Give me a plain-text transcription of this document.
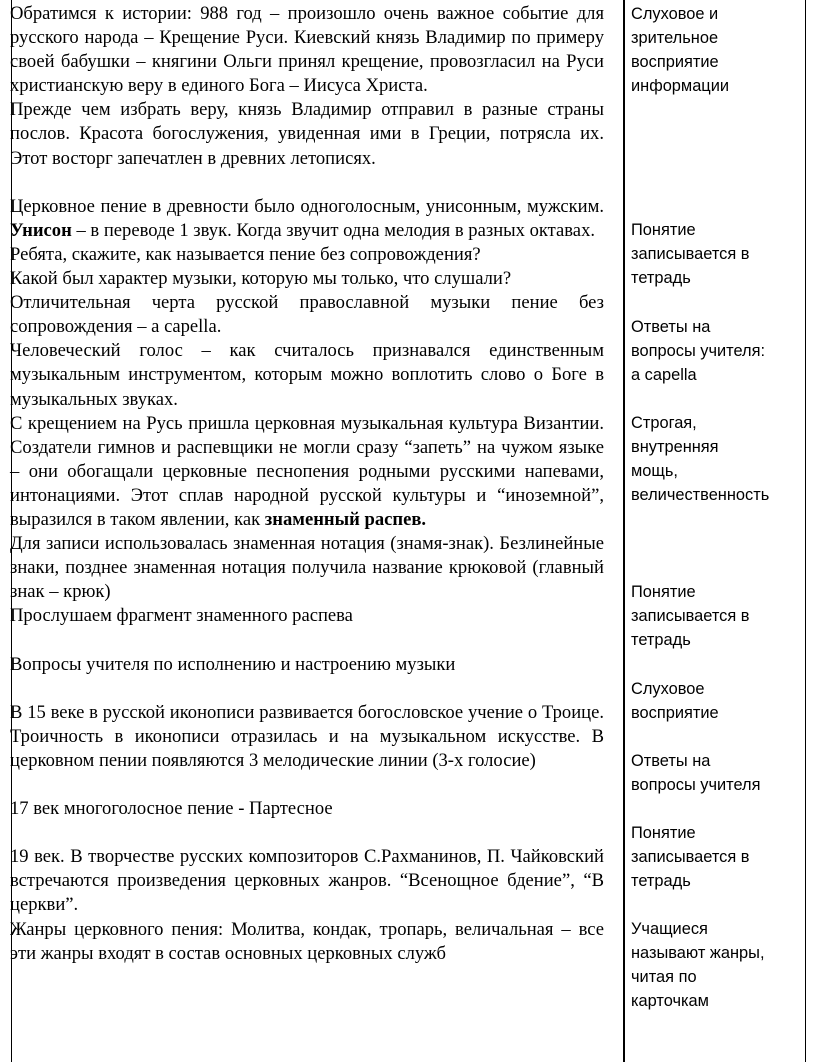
Обратимся к истории: 988 год – произошло очень важное событие для русского народа – Крещение Руси. Киевский князь Владимир по примеру своей бабушки – княгини Ольги принял крещение, провозгласил на Руси христианскую веру в единого Бога – Иисуса Христа.

Прежде чем избрать веру, князь Владимир отправил в разные страны послов. Красота богослужения, увиденная ими в Греции, потрясла их. Этот восторг запечатлен в древних летописях.

Церковное пение в древности было одноголосным, унисонным, мужским. Унисон – в переводе 1 звук. Когда звучит одна мелодия в разных октавах.

Ребята, скажите, как называется пение без сопровождения?

Какой был характер музыки, которую мы только, что слушали?

Отличительная черта русской православной музыки пение без сопровождения – а capella.

Человеческий голос – как считалось признавался единственным музыкальным инструментом, которым можно воплотить слово о Боге в музыкальных звуках.

С крещением на Русь пришла церковная музыкальная культура Византии. Создатели гимнов и распевщики не могли сразу “запеть” на чужом языке – они обогащали церковные песнопения родными русскими напевами, интонациями. Этот сплав народной русской культуры и “иноземной”, выразился в таком явлении, как знаменный распев.

Для записи использовалась знаменная нотация (знамя-знак). Безлинейные знаки, позднее знаменная нотация получила название крюковой (главный знак – крюк)

Прослушаем фрагмент знаменного распева

Вопросы учителя по исполнению и настроению музыки

В 15 веке в русской иконописи развивается богословское учение о Троице. Троичность в иконописи отразилась и на музыкальном искусстве. В церковном пении появляются 3 мелодические линии (3-х голосие)

17 век многоголосное пение - Партесное

19 век. В творчестве русских композиторов С.Рахманинов, П. Чайковский встречаются произведения церковных жанров. “Всенощное бдение”, “В церкви”.

Жанры церковного пения: Молитва, кондак, тропарь, величальная – все эти жанры входят в состав основных церковных служб

Слуховое и
зрительное
восприятие
информации
Понятие
записывается в
тетрадь
Ответы на
вопросы учителя:
а capella
Строгая,
внутренняя
мощь,
величественность
Понятие
записывается в
тетрадь
Слуховое
восприятие
Ответы на
вопросы учителя
Понятие
записывается в
тетрадь
Учащиеся
называют жанры,
читая по
карточкам
